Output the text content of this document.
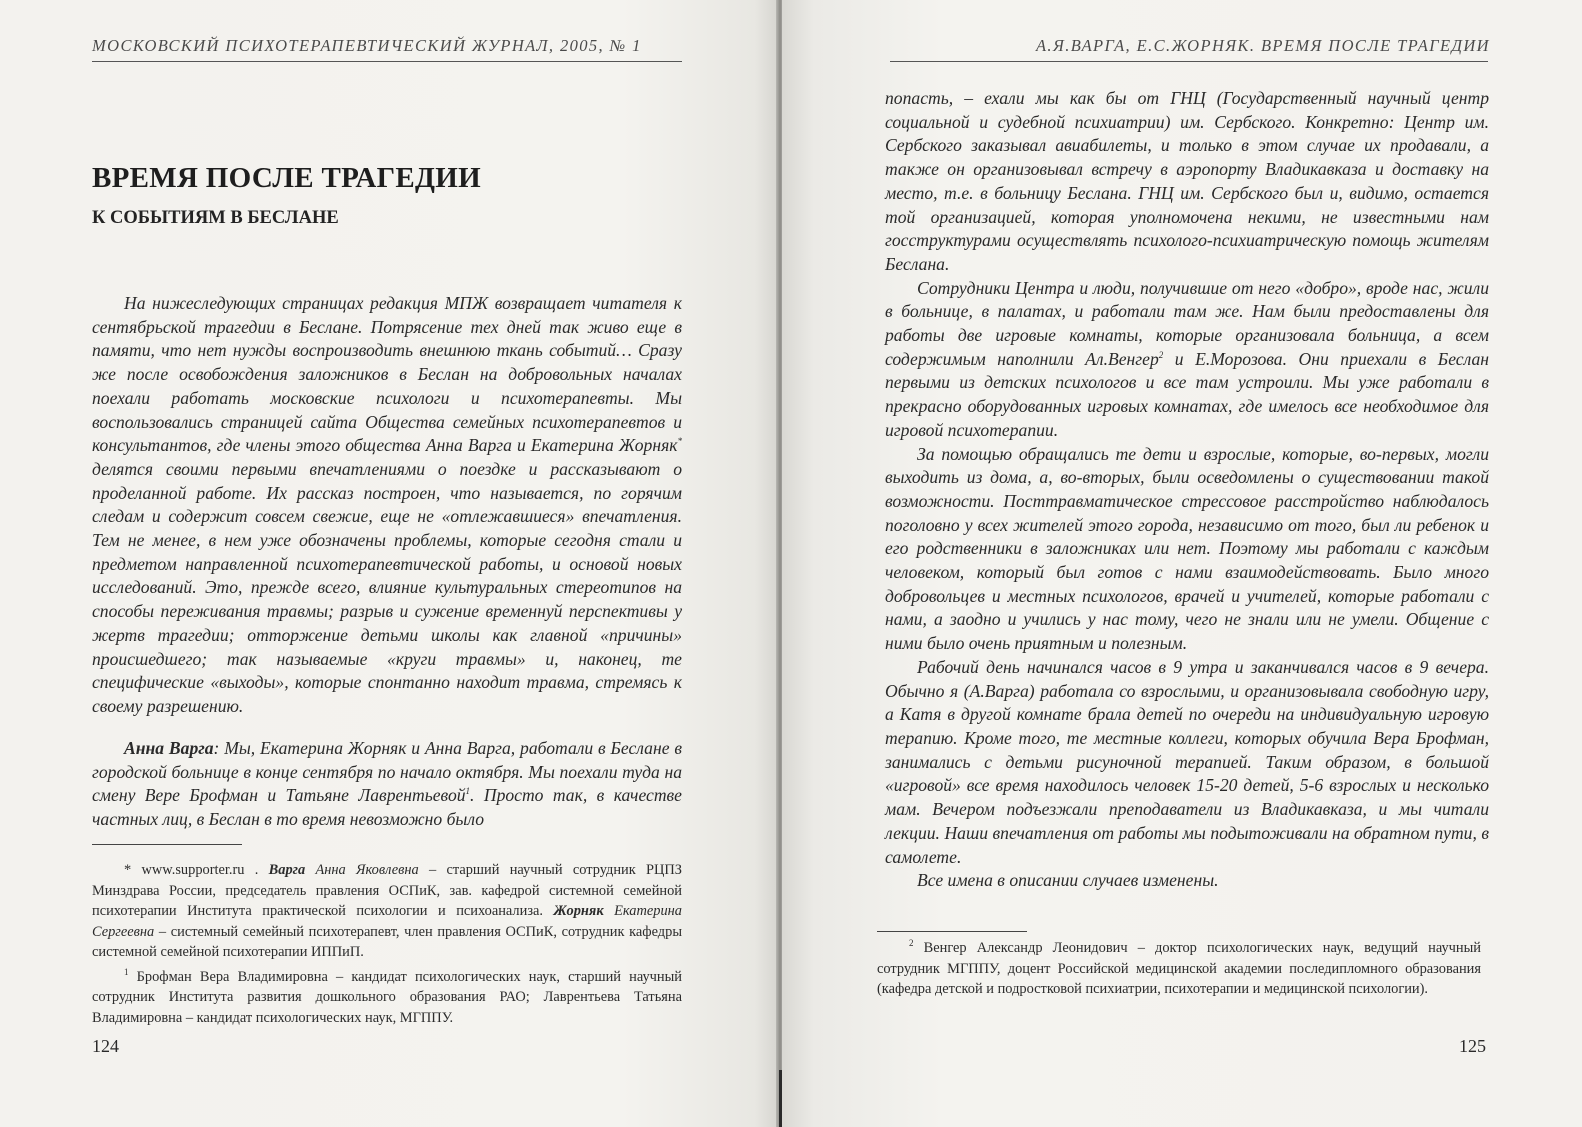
МОСКОВСКИЙ ПСИХОТЕРАПЕВТИЧЕСКИЙ ЖУРНАЛ, 2005, № 1
ВРЕМЯ ПОСЛЕ ТРАГЕДИИ
К СОБЫТИЯМ В БЕСЛАНЕ

На нижеследующих страницах редакция МПЖ возвращает читателя к сентябрьской трагедии в Беслане. Потрясение тех дней так живо еще в памяти, что нет нужды воспроизводить внешнюю ткань событий… Сразу же после освобождения заложников в Беслан на добровольных началах поехали работать московские психологи и психотерапевты. Мы воспользовались страницей сайта Общества семейных психотерапевтов и консультантов, где члены этого общества Анна Варга и Екатерина Жорняк* делятся своими первыми впечатлениями о поездке и рассказывают о проделанной работе. Их рассказ построен, что называется, по горячим следам и содержит совсем свежие, еще не «отлежавшиеся» впечатления. Тем не менее, в нем уже обозначены проблемы, которые сегодня стали и предметом направленной психотерапевтической работы, и основой новых исследований. Это, прежде всего, влияние культуральных стереотипов на способы переживания травмы; разрыв и сужение временнуй перспективы у жертв трагедии; отторжение детьми школы как главной «причины» происшедшего; так называемые «круги травмы» и, наконец, те специфические «выходы», которые спонтанно находит травма, стремясь к своему разрешению.

Анна Варга: Мы, Екатерина Жорняк и Анна Варга, работали в Беслане в городской больнице в конце сентября по начало октября. Мы поехали туда на смену Вере Брофман и Татьяне Лаврентьевой$^1$. Просто так, в качестве частных лиц, в Беслан в то время невозможно было

* www.supporter.ru . Варга Анна Яковлевна – старший научный сотрудник РЦПЗ Минздрава России, председатель правления ОСПиК, зав. кафедрой системной семейной психотерапии Института практической психологии и психоанализа. Жорняк Екатерина Сергеевна – системный семейный психотерапевт, член правления ОСПиК, сотрудник кафедры системной семейной психотерапии ИППиП.

$^1$ Брофман Вера Владимировна – кандидат психологических наук, старший научный сотрудник Института развития дошкольного образования РАО; Лаврентьева Татьяна Владимировна – кандидат психологических наук, МГППУ.

124
А.Я.ВАРГА, Е.С.ЖОРНЯК. ВРЕМЯ ПОСЛЕ ТРАГЕДИИ

попасть, – ехали мы как бы от ГНЦ (Государственный научный центр социальной и судебной психиатрии) им. Сербского. Конкретно: Центр им. Сербского заказывал авиабилеты, и только в этом случае их продавали, а также он организовывал встречу в аэропорту Владикавказа и доставку на место, т.е. в больницу Беслана. ГНЦ им. Сербского был и, видимо, остается той организацией, которая уполномочена некими, не известными нам госструктурами осуществлять психолого-психиатрическую помощь жителям Беслана.

Сотрудники Центра и люди, получившие от него «добро», вроде нас, жили в больнице, в палатах, и работали там же. Нам были предоставлены для работы две игровые комнаты, которые организовала больница, а всем содержимым наполнили Ал.Венгер$^2$ и Е.Морозова. Они приехали в Беслан первыми из детских психологов и все там устроили. Мы уже работали в прекрасно оборудованных игровых комнатах, где имелось все необходимое для игровой психотерапии.

За помощью обращались те дети и взрослые, которые, во-первых, могли выходить из дома, а, во-вторых, были осведомлены о существовании такой возможности. Посттравматическое стрессовое расстройство наблюдалось поголовно у всех жителей этого города, независимо от того, был ли ребенок и его родственники в заложниках или нет. Поэтому мы работали с каждым человеком, который был готов с нами взаимодействовать. Было много добровольцев и местных психологов, врачей и учителей, которые работали с нами, а заодно и учились у нас тому, чего не знали или не умели. Общение с ними было очень приятным и полезным.

Рабочий день начинался часов в 9 утра и заканчивался часов в 9 вечера. Обычно я (А.Варга) работала со взрослыми, и организовывала свободную игру, а Катя в другой комнате брала детей по очереди на индивидуальную игровую терапию. Кроме того, те местные коллеги, которых обучила Вера Брофман, занимались с детьми рисуночной терапией. Таким образом, в большой «игровой» все время находилось человек 15-20 детей, 5-6 взрослых и несколько мам. Вечером подъезжали преподаватели из Владикавказа, и мы читали лекции. Наши впечатления от работы мы подытоживали на обратном пути, в самолете.

Все имена в описании случаев изменены.

$^2$ Венгер Александр Леонидович – доктор психологических наук, ведущий научный сотрудник МГППУ, доцент Российской медицинской академии последипломного образования (кафедра детской и подростковой психиатрии, психотерапии и медицинской психологии).

125
